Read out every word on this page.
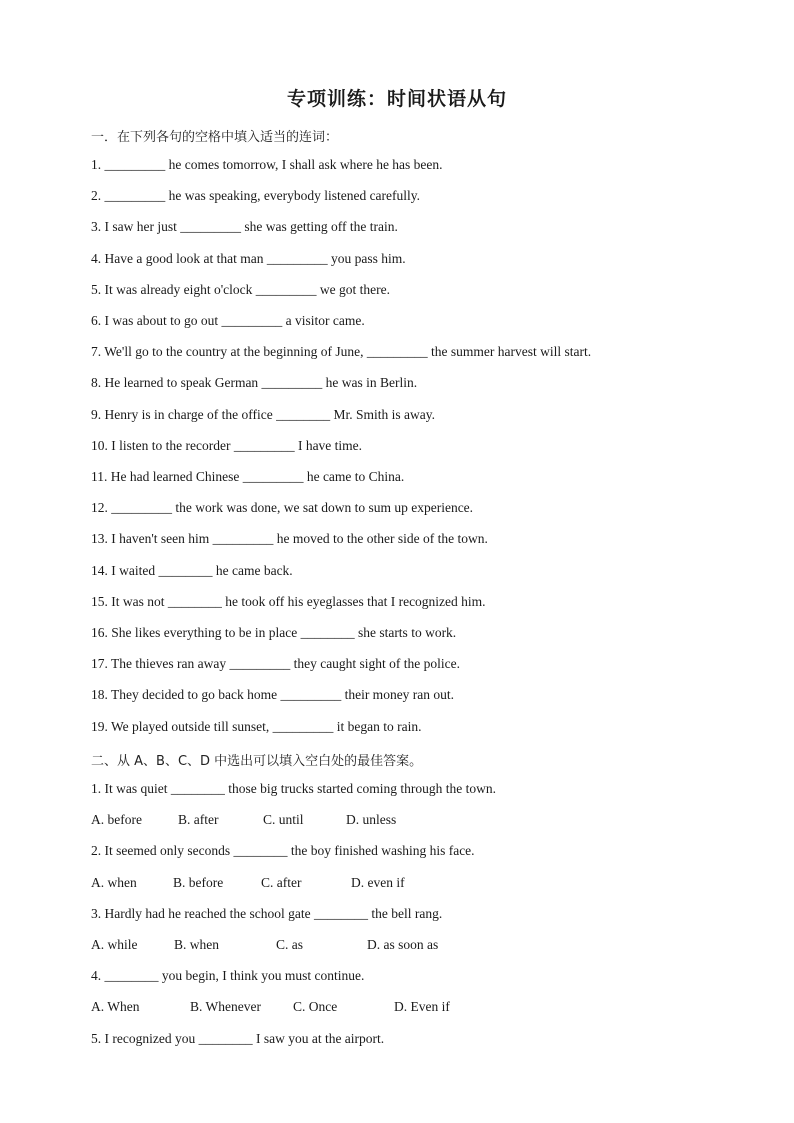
专项训练：时间状语从句
一．在下列各句的空格中填入适当的连词：
1. _________ he comes tomorrow, I shall ask where he has been.
2. _________ he was speaking, everybody listened carefully.
3. I saw her just _________ she was getting off the train.
4. Have a good look at that man _________ you pass him.
5. It was already eight o'clock _________ we got there.
6. I was about to go out _________ a visitor came.
7. We'll go to the country at the beginning of June, _________ the summer harvest will start.
8. He learned to speak German _________ he was in Berlin.
9. Henry is in charge of the office ________ Mr. Smith is away.
10. I listen to the recorder _________ I have time.
11. He had learned Chinese _________ he came to China.
12. _________ the work was done, we sat down to sum up experience.
13. I haven't seen him _________ he moved to the other side of the town.
14. I waited ________ he came back.
15. It was not ________ he took off his eyeglasses that I recognized him.
16. She likes everything to be in place ________ she starts to work.
17. The thieves ran away _________ they caught sight of the police.
18. They decided to go back home _________ their money ran out.
19. We played outside till sunset, _________ it began to rain.
二、从 A、B、C、D 中选出可以填入空白处的最佳答案。
1. It was quiet ________ those big trucks started coming through the town.
A. before	B. after	C. until	D. unless
2. It seemed only seconds ________ the boy finished washing his face.
A. when	B. before	C. after	D. even if
3. Hardly had he reached the school gate ________ the bell rang.
A. while	B. when	C. as	D. as soon as
4. ________ you begin, I think you must continue.
A. When	B. Whenever C. Once	D. Even if
5. I recognized you ________ I saw you at the airport.
